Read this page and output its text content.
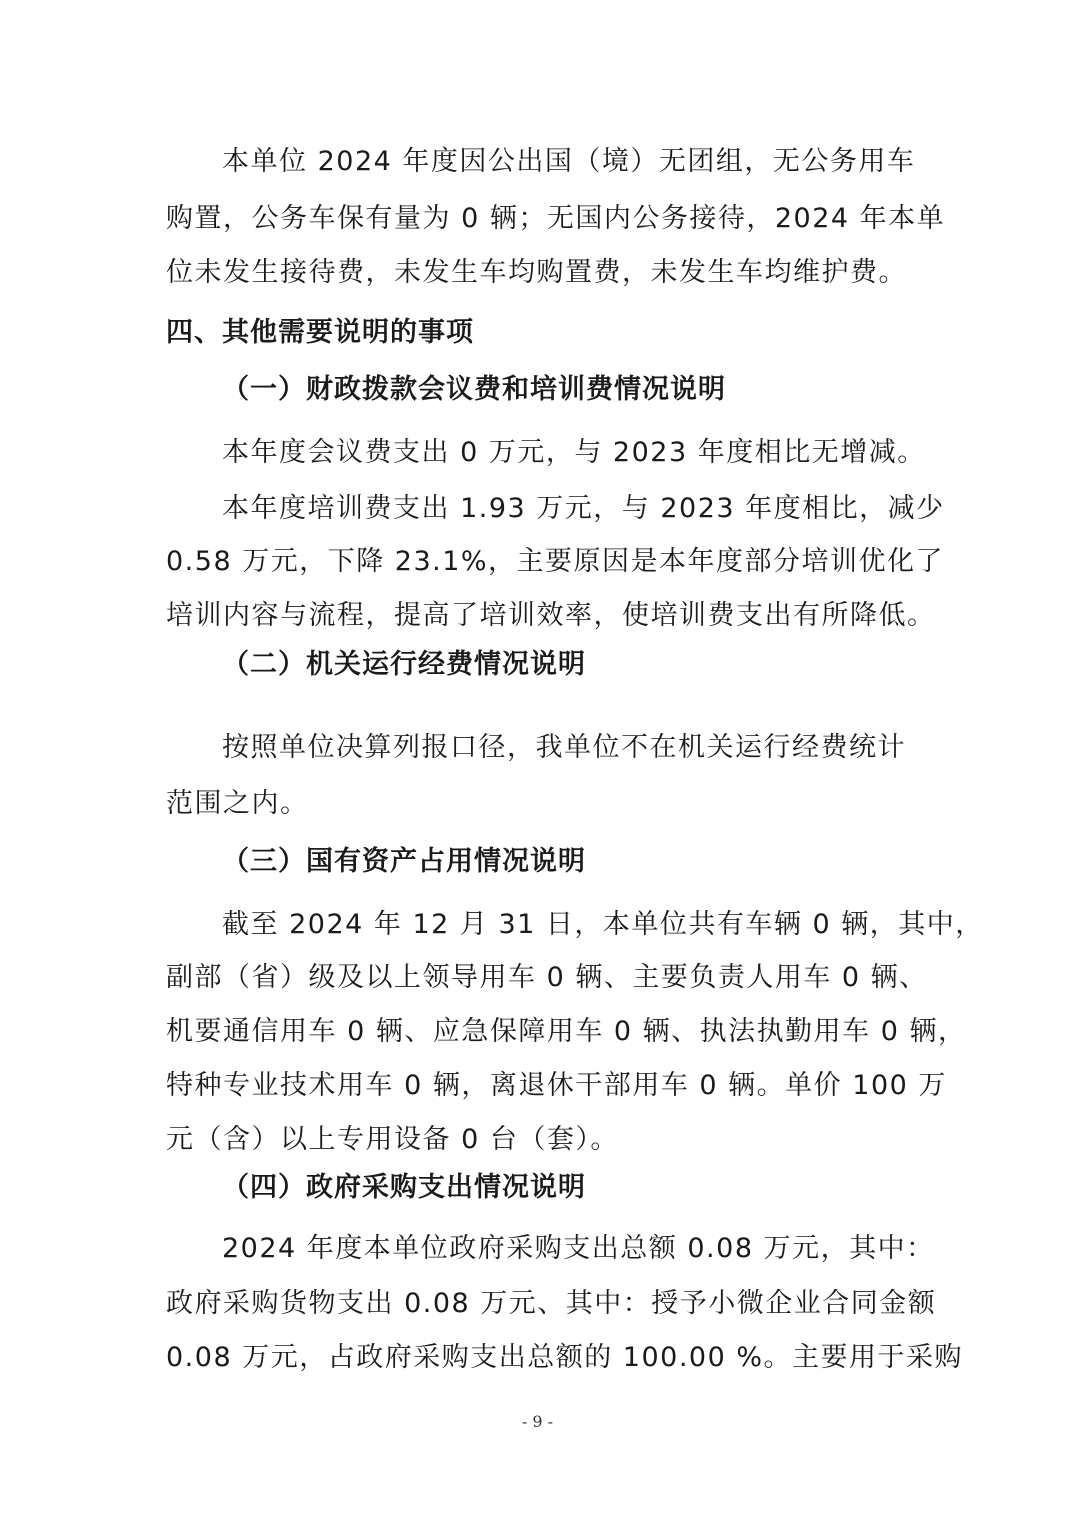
本单位 2024 年度因公出国（境）无团组，无公务用车
购置，公务车保有量为 0 辆；无国内公务接待，2024 年本单
位未发生接待费，未发生车均购置费，未发生车均维护费。
四、其他需要说明的事项
（一）财政拨款会议费和培训费情况说明
本年度会议费支出 0 万元，与 2023 年度相比无增减。
本年度培训费支出 1.93 万元，与 2023 年度相比，减少
0.58 万元，下降 23.1%，主要原因是本年度部分培训优化了
培训内容与流程，提高了培训效率，使培训费支出有所降低。
（二）机关运行经费情况说明
按照单位决算列报口径，我单位不在机关运行经费统计
范围之内。
（三）国有资产占用情况说明
截至 2024 年 12 月 31 日，本单位共有车辆 0 辆，其中，
副部（省）级及以上领导用车 0 辆、主要负责人用车 0 辆、
机要通信用车 0 辆、应急保障用车 0 辆、执法执勤用车 0 辆，
特种专业技术用车 0 辆，离退休干部用车 0 辆。单价 100 万
元（含）以上专用设备 0 台（套）。
（四）政府采购支出情况说明
2024 年度本单位政府采购支出总额 0.08 万元，其中：
政府采购货物支出 0.08 万元、其中：授予小微企业合同金额
0.08 万元，占政府采购支出总额的 100.00 %。主要用于采购
- 9 -
